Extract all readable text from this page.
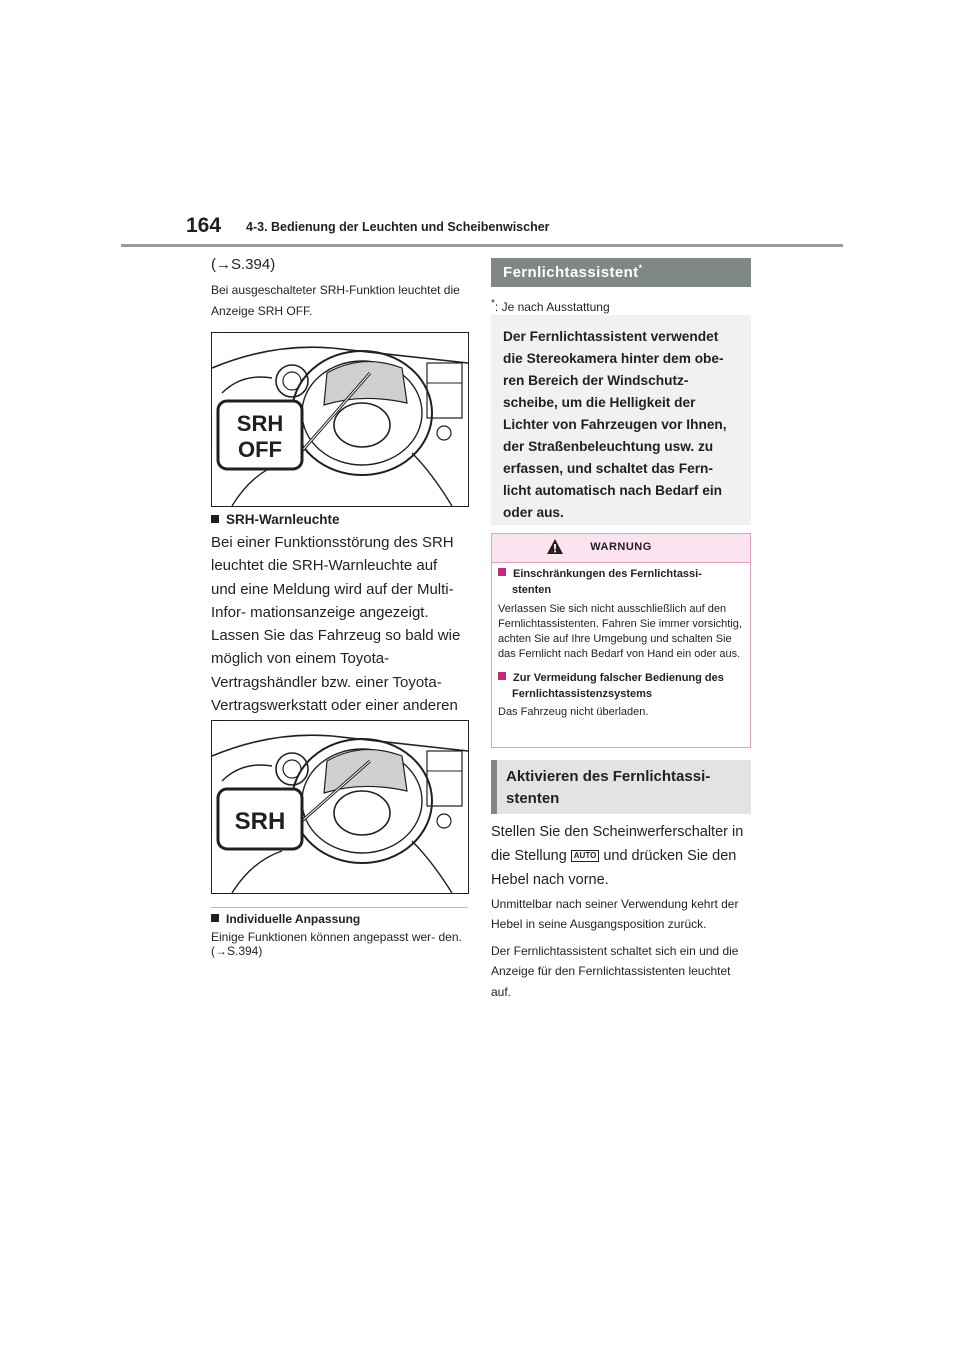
164 4-3. Bedienung der Leuchten und Scheibenwischer
(→S.394)
Bei ausgeschalteter SRH-Funktion leuchtet die Anzeige SRH OFF.
SRH
OFF
SRH-Warnleuchte
Bei einer Funktionsstörung des SRH leuchtet die SRH-Warnleuchte auf und eine Meldung wird auf der Multi-Infor- mationsanzeige angezeigt. Lassen Sie das Fahrzeug so bald wie möglich von einem Toyota-Vertragshändler bzw. einer Toyota-Vertragswerkstatt oder einer anderen
SRH
Individuelle Anpassung
Einige Funktionen können angepasst wer- den. (→S.394)
Fernlichtassistent*
*: Je nach Ausstattung
Der Fernlichtassistent verwendet die Stereokamera hinter dem obe- ren Bereich der Windschutz- scheibe, um die Helligkeit der Lichter von Fahrzeugen vor Ihnen, der Straßenbeleuchtung usw. zu erfassen, und schaltet das Fern- licht automatisch nach Bedarf ein oder aus.
WARNUNG
Einschränkungen des Fernlichtassi- stenten
Verlassen Sie sich nicht ausschließlich auf den Fernlichtassistenten. Fahren Sie immer vorsichtig, achten Sie auf Ihre Umgebung und schalten Sie das Fernlicht nach Bedarf von Hand ein oder aus.
Zur Vermeidung falscher Bedienung des Fernlichtassistenzsystems
Das Fahrzeug nicht überladen.
Aktivieren des Fernlichtassi- stenten
Stellen Sie den Scheinwerferschalter in die Stellung AUTO und drücken Sie den Hebel nach vorne.
Unmittelbar nach seiner Verwendung kehrt der Hebel in seine Ausgangsposition zurück.
Der Fernlichtassistent schaltet sich ein und die Anzeige für den Fernlichtassistenten leuchtet auf.
